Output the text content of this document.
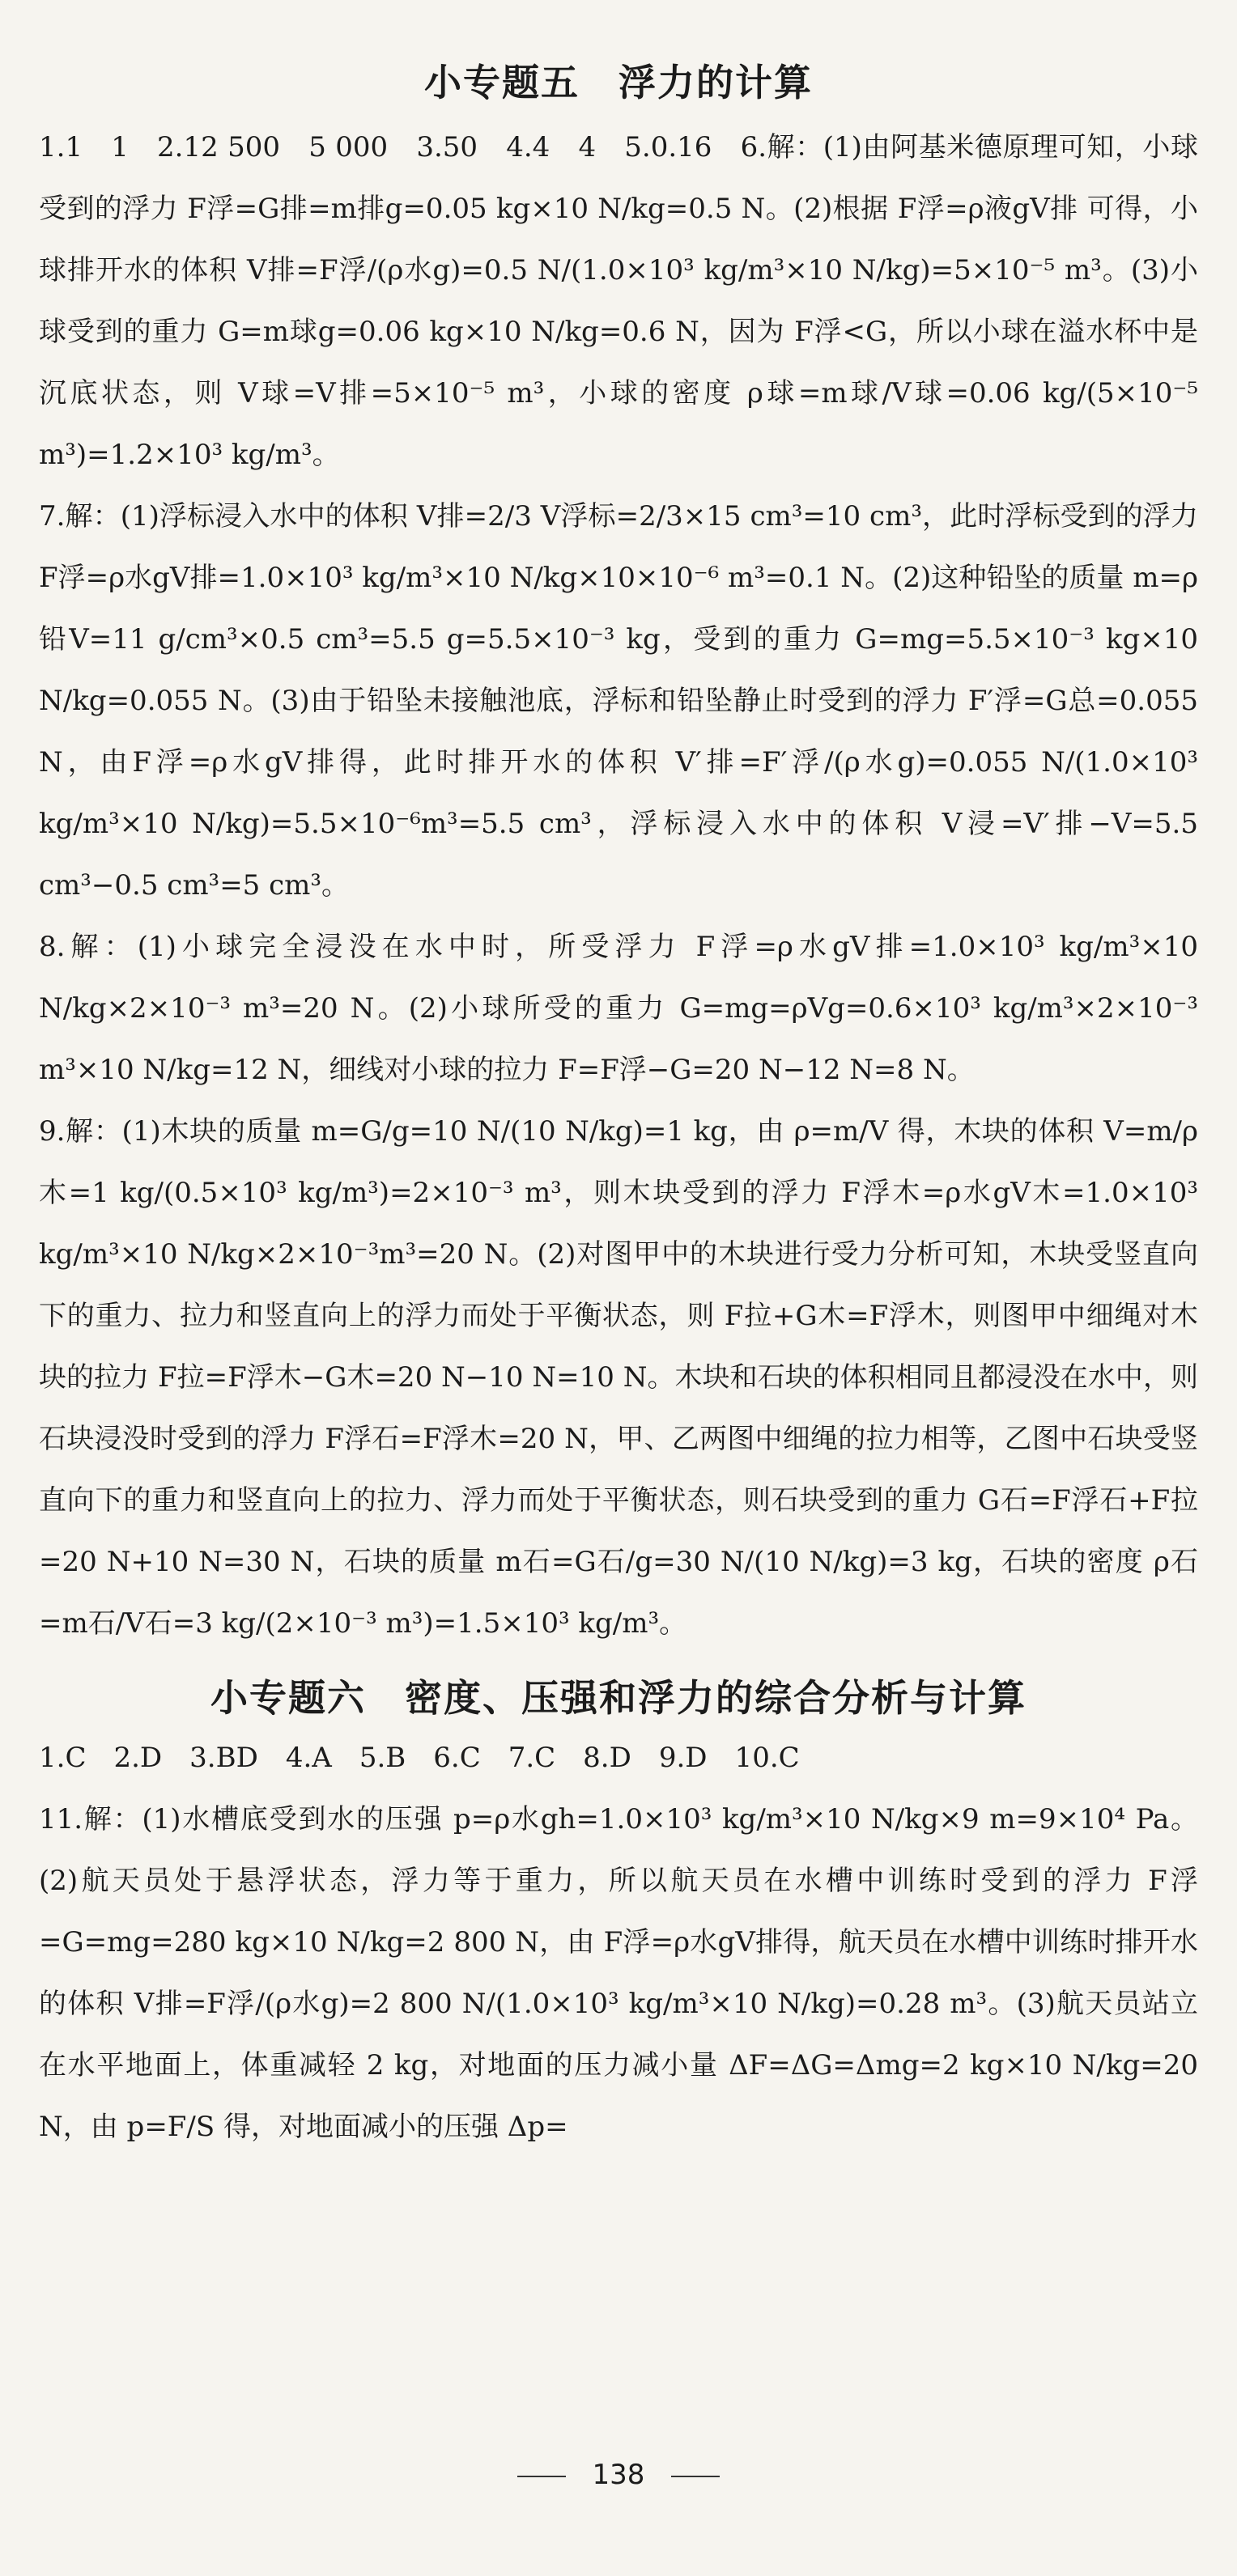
小专题五　浮力的计算

1.1　1　2.12 500　5 000　3.50　4.4　4　5.0.16　6.解：(1)由阿基米德原理可知，小球受到的浮力 F浮=G排=m排g=0.05 kg×10 N/kg=0.5 N。(2)根据 F浮=ρ液gV排 可得，小球排开水的体积 V排=F浮/(ρ水g)=0.5 N/(1.0×10³ kg/m³×10 N/kg)=5×10⁻⁵ m³。(3)小球受到的重力 G=m球g=0.06 kg×10 N/kg=0.6 N，因为 F浮<G，所以小球在溢水杯中是沉底状态，则 V球=V排=5×10⁻⁵ m³，小球的密度 ρ球=m球/V球=0.06 kg/(5×10⁻⁵ m³)=1.2×10³ kg/m³。

7.解：(1)浮标浸入水中的体积 V排=2/3 V浮标=2/3×15 cm³=10 cm³，此时浮标受到的浮力 F浮=ρ水gV排=1.0×10³ kg/m³×10 N/kg×10×10⁻⁶ m³=0.1 N。(2)这种铅坠的质量 m=ρ铅V=11 g/cm³×0.5 cm³=5.5 g=5.5×10⁻³ kg，受到的重力 G=mg=5.5×10⁻³ kg×10 N/kg=0.055 N。(3)由于铅坠未接触池底，浮标和铅坠静止时受到的浮力 F′浮=G总=0.055 N，由F浮=ρ水gV排得，此时排开水的体积 V′排=F′浮/(ρ水g)=0.055 N/(1.0×10³ kg/m³×10 N/kg)=5.5×10⁻⁶m³=5.5 cm³，浮标浸入水中的体积 V浸=V′排−V=5.5 cm³−0.5 cm³=5 cm³。

8.解：(1)小球完全浸没在水中时，所受浮力 F浮=ρ水gV排=1.0×10³ kg/m³×10 N/kg×2×10⁻³ m³=20 N。(2)小球所受的重力 G=mg=ρVg=0.6×10³ kg/m³×2×10⁻³ m³×10 N/kg=12 N，细线对小球的拉力 F=F浮−G=20 N−12 N=8 N。

9.解：(1)木块的质量 m=G/g=10 N/(10 N/kg)=1 kg，由 ρ=m/V 得，木块的体积 V=m/ρ木=1 kg/(0.5×10³ kg/m³)=2×10⁻³ m³，则木块受到的浮力 F浮木=ρ水gV木=1.0×10³ kg/m³×10 N/kg×2×10⁻³m³=20 N。(2)对图甲中的木块进行受力分析可知，木块受竖直向下的重力、拉力和竖直向上的浮力而处于平衡状态，则 F拉+G木=F浮木，则图甲中细绳对木块的拉力 F拉=F浮木−G木=20 N−10 N=10 N。木块和石块的体积相同且都浸没在水中，则石块浸没时受到的浮力 F浮石=F浮木=20 N，甲、乙两图中细绳的拉力相等，乙图中石块受竖直向下的重力和竖直向上的拉力、浮力而处于平衡状态，则石块受到的重力 G石=F浮石+F拉=20 N+10 N=30 N，石块的质量 m石=G石/g=30 N/(10 N/kg)=3 kg，石块的密度 ρ石=m石/V石=3 kg/(2×10⁻³ m³)=1.5×10³ kg/m³。

小专题六　密度、压强和浮力的综合分析与计算

1.C　2.D　3.BD　4.A　5.B　6.C　7.C　8.D　9.D　10.C

11.解：(1)水槽底受到水的压强 p=ρ水gh=1.0×10³ kg/m³×10 N/kg×9 m=9×10⁴ Pa。(2)航天员处于悬浮状态，浮力等于重力，所以航天员在水槽中训练时受到的浮力 F浮=G=mg=280 kg×10 N/kg=2 800 N，由 F浮=ρ水gV排得，航天员在水槽中训练时排开水的体积 V排=F浮/(ρ水g)=2 800 N/(1.0×10³ kg/m³×10 N/kg)=0.28 m³。(3)航天员站立在水平地面上，体重减轻 2 kg，对地面的压力减小量 ΔF=ΔG=Δmg=2 kg×10 N/kg=20 N，由 p=F/S 得，对地面减小的压强 Δp=

138
